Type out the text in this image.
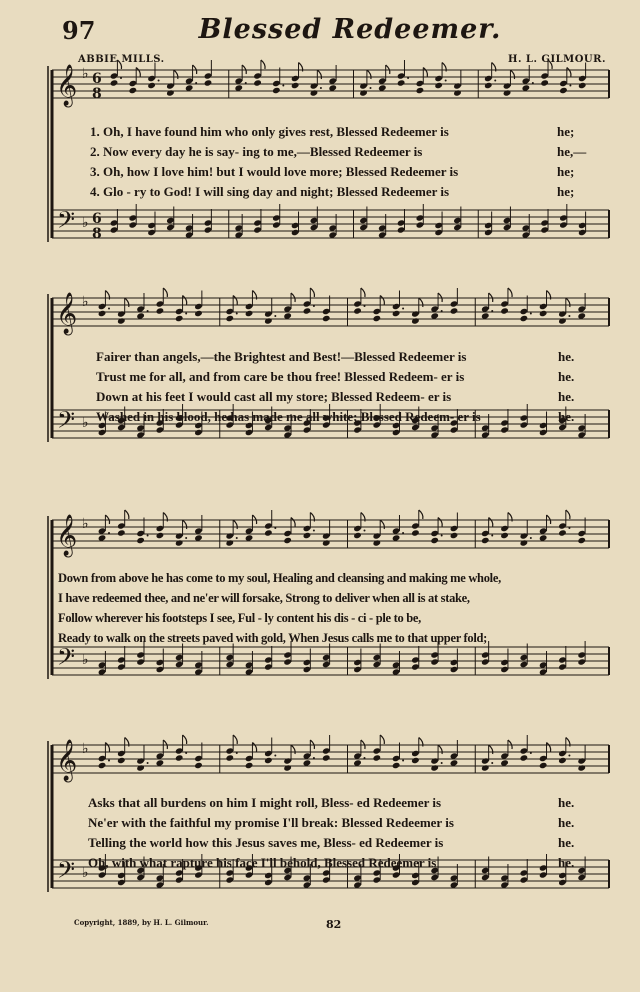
97	Blessed Redeemer.
ABBIE MILLS.	H. L. GILMOUR.
𝄞
𝄢
♭
♭
6
8
6
8
1. Oh, I have found him who only gives rest, Blessed Redeemer is	he;
2. Now every day he is say- ing to me,—Blessed Redeemer is	he,—
3. Oh, how I love him! but I would love more; Blessed Redeemer is	he;
4. Glo - ry to God! I will sing day and night; Blessed Redeemer is	he;
𝄞
𝄢
♭
♭
Fairer than angels,—the Brightest and Best!—Blessed Redeemer is	he.
Trust me for all, and from care be thou free! Blessed Redeem- er is	he.
Down at his feet I would cast all my store; Blessed Redeem- er is	he.
Washed in his blood, he has made me all white; Blessed Redeem- er is	he.
𝄞
𝄢
♭
♭
Down from above he has come to my soul, Healing and cleansing and making me whole,
I have redeemed thee, and ne'er will forsake, Strong to deliver when all is at stake,
Follow wherever his footsteps I see, Ful - ly content his dis - ci - ple to be,
Ready to walk on the streets paved with gold, When Jesus calls me to that upper fold;
𝄞
𝄢
♭
♭
Asks that all burdens on him I might roll, Bless- ed Redeemer is	he.
Ne'er with the faithful my promise I'll break: Blessed Redeemer is	he.
Telling the world how this Jesus saves me, Bless- ed Redeemer is	he.
Oh, with what rapture his face I'll behold, Blessed Redeemer is	he.
Copyright, 1889, by H. L. Gilmour.	82
